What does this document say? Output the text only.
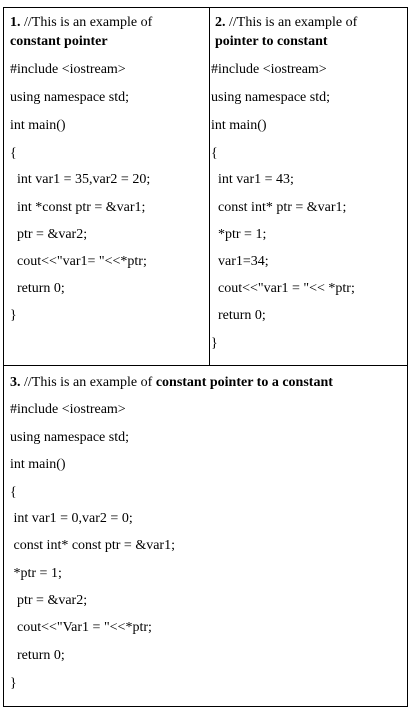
1. //This is an example of
constant pointer
#include <iostream>
using namespace std;
int main()
{
int var1 = 35,var2 = 20;
int *const ptr = &var1;
ptr = &var2;
cout<<"var1= "<<*ptr;
return 0;
}
2. //This is an example of
pointer to constant
#include <iostream>
using namespace std;
int main()
{
int var1 = 43;
const int* ptr = &var1;
*ptr = 1;
var1=34;
cout<<"var1 = "<< *ptr;
return 0;
}
3. //This is an example of constant pointer to a constant
#include <iostream>
using namespace std;
int main()
{
int var1 = 0,var2 = 0;
const int* const ptr = &var1;
*ptr = 1;
ptr = &var2;
cout<<"Var1 = "<<*ptr;
return 0;
}
